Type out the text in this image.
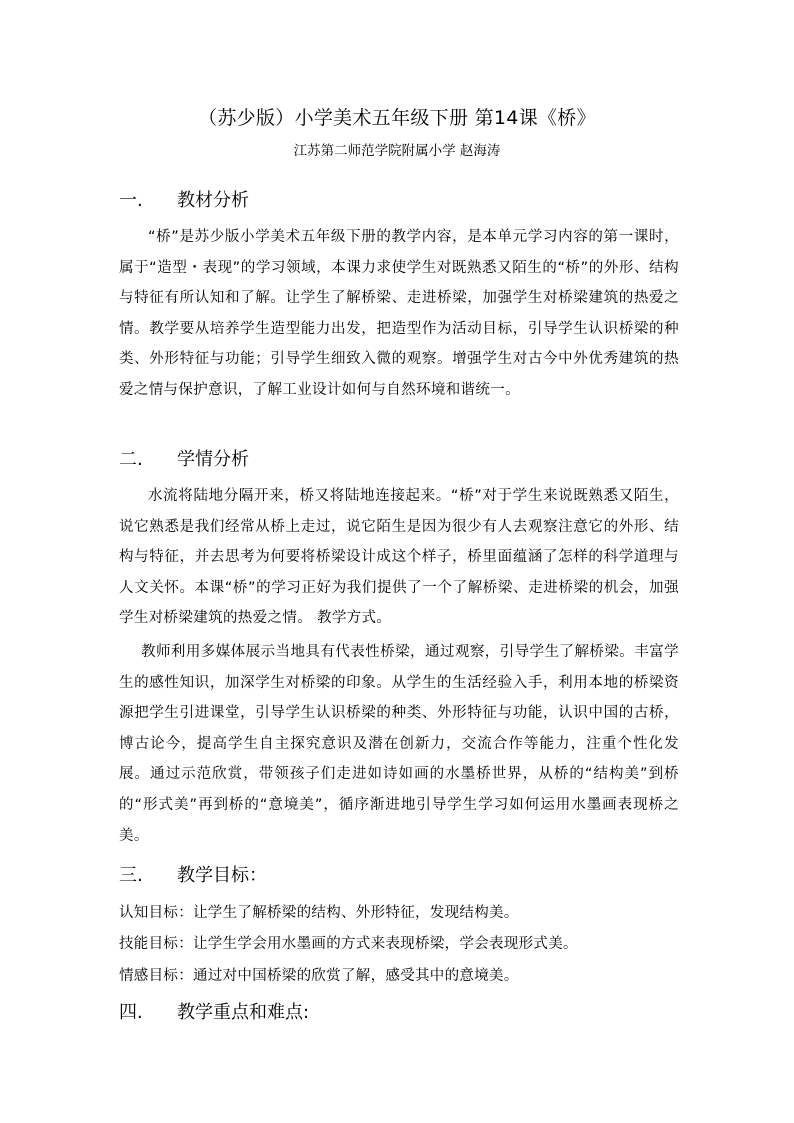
（苏少版）小学美术五年级下册 第14课《桥》
江苏第二师范学院附属小学 赵海涛
一. 教材分析

“桥”是苏少版小学美术五年级下册的教学内容，是本单元学习内容的第一课时，属于“造型・表现”的学习领域，本课力求使学生对既熟悉又陌生的“桥”的外形、结构与特征有所认知和了解。让学生了解桥梁、走进桥梁，加强学生对桥梁建筑的热爱之情。教学要从培养学生造型能力出发，把造型作为活动目标，引导学生认识桥梁的种类、外形特征与功能；引导学生细致入微的观察。增强学生对古今中外优秀建筑的热爱之情与保护意识，了解工业设计如何与自然环境和谐统一。

二. 学情分析

水流将陆地分隔开来，桥又将陆地连接起来。“桥”对于学生来说既熟悉又陌生，说它熟悉是我们经常从桥上走过，说它陌生是因为很少有人去观察注意它的外形、结构与特征，并去思考为何要将桥梁设计成这个样子，桥里面蕴涵了怎样的科学道理与人文关怀。本课“桥”的学习正好为我们提供了一个了解桥梁、走进桥梁的机会，加强学生对桥梁建筑的热爱之情。 教学方式。

教师利用多媒体展示当地具有代表性桥梁，通过观察，引导学生了解桥梁。丰富学生的感性知识，加深学生对桥梁的印象。从学生的生活经验入手，利用本地的桥梁资源把学生引进课堂，引导学生认识桥梁的种类、外形特征与功能，认识中国的古桥，博古论今，提高学生自主探究意识及潜在创新力，交流合作等能力，注重个性化发展。通过示范欣赏，带领孩子们走进如诗如画的水墨桥世界，从桥的“结构美”到桥的“形式美”再到桥的“意境美”，循序渐进地引导学生学习如何运用水墨画表现桥之美。

三. 教学目标：
认知目标：让学生了解桥梁的结构、外形特征，发现结构美。
技能目标：让学生学会用水墨画的方式来表现桥梁，学会表现形式美。
情感目标：通过对中国桥梁的欣赏了解，感受其中的意境美。
四. 教学重点和难点:
